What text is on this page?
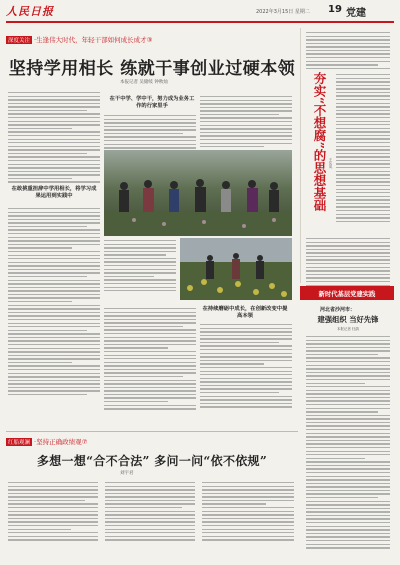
人民日报	2022年3月15日 星期二 19 党建
深度关注 ·生逢伟大时代，年轻干部如何成长成才③
坚持学用相长 练就干事创业过硬本领
本报记者 吴储岐 钟秋灿
在敢挑重担辞中学用相长，将学习成果运用到实践中
在干中学、学中干，努力成为业务工作的行家里手
在持续磨砺中成长，在创新改变中提高本领
夯实“不想腐”的思想基础 王丛凤
新时代基层党建实践
河北省沙河市：
建强组织 当好先锋
本报记者 杜鹃
红船观澜 ·坚持正确政绩观⑦
多想一想“合不合法” 多问一问“依不依规”
刘宇君
